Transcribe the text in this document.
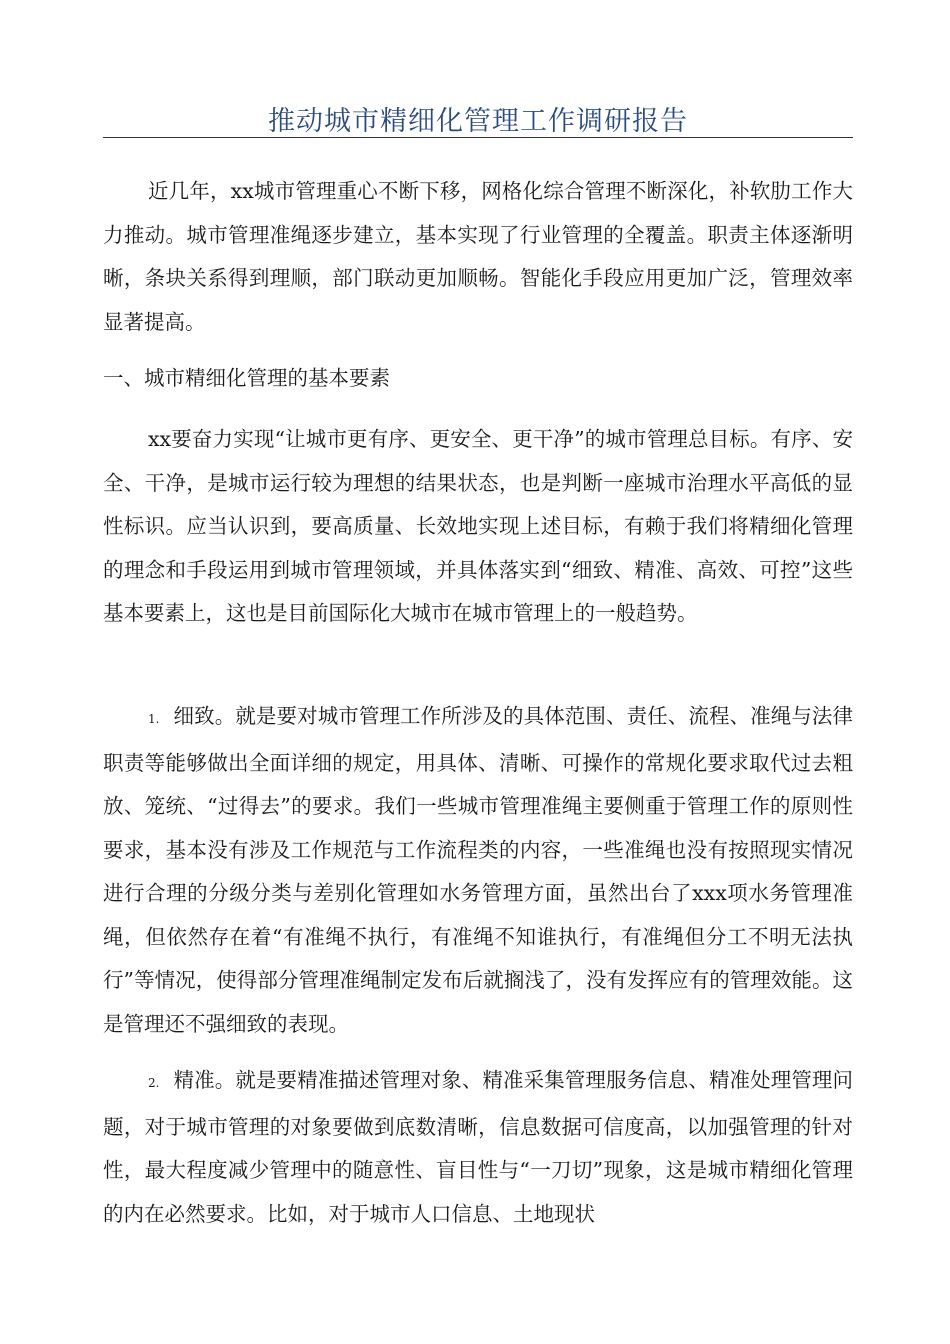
推动城市精细化管理工作调研报告

近几年，xx城市管理重心不断下移，网格化综合管理不断深化，补软肋工作大力推动。城市管理准绳逐步建立，基本实现了行业管理的全覆盖。职责主体逐渐明晰，条块关系得到理顺，部门联动更加顺畅。智能化手段应用更加广泛，管理效率显著提高。

一、城市精细化管理的基本要素

xx要奋力实现“让城市更有序、更安全、更干净”的城市管理总目标。有序、安全、干净，是城市运行较为理想的结果状态，也是判断一座城市治理水平高低的显性标识。应当认识到，要高质量、长效地实现上述目标，有赖于我们将精细化管理的理念和手段运用到城市管理领域，并具体落实到“细致、精准、高效、可控”这些基本要素上，这也是目前国际化大城市在城市管理上的一般趋势。

1. 细致。就是要对城市管理工作所涉及的具体范围、责任、流程、准绳与法律职责等能够做出全面详细的规定，用具体、清晰、可操作的常规化要求取代过去粗放、笼统、“过得去”的要求。我们一些城市管理准绳主要侧重于管理工作的原则性要求，基本没有涉及工作规范与工作流程类的内容，一些准绳也没有按照现实情况进行合理的分级分类与差别化管理如水务管理方面，虽然出台了xxx项水务管理准绳，但依然存在着“有准绳不执行，有准绳不知谁执行，有准绳但分工不明无法执行”等情况，使得部分管理准绳制定发布后就搁浅了，没有发挥应有的管理效能。这是管理还不强细致的表现。

2. 精准。就是要精准描述管理对象、精准采集管理服务信息、精准处理管理问题，对于城市管理的对象要做到底数清晰，信息数据可信度高，以加强管理的针对性，最大程度减少管理中的随意性、盲目性与“一刀切”现象，这是城市精细化管理的内在必然要求。比如，对于城市人口信息、土地现状
